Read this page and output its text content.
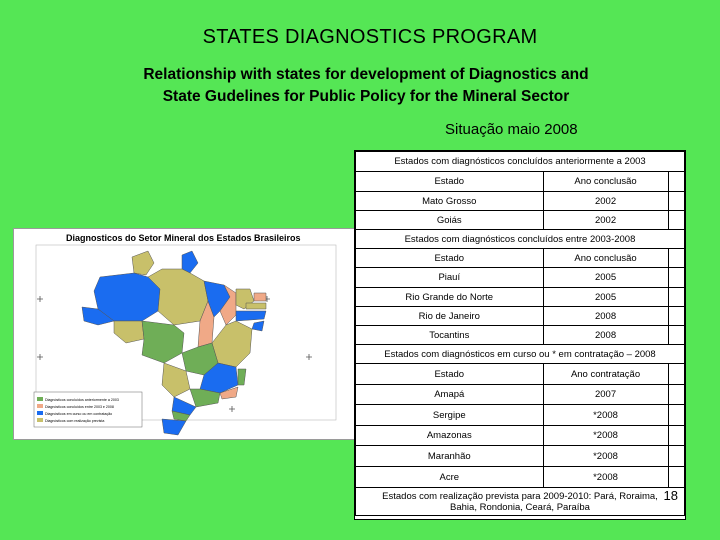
STATES DIAGNOSTICS PROGRAM
Relationship with states for development of Diagnostics and
State Gudelines for Public Policy for the Mineral Sector
Situação maio 2008
Diagnosticos do Setor Mineral dos Estados Brasileiros
Diagnósticos concluídos anteriormente a 2003
Diagnósticos concluídos entre 2003 e 2008
Diagnósticos em curso ou em contratação
Diagnósticos com realização prevista
Estados com diagnósticos concluídos anteriormente a 2003		
Estado	Ano conclusão	
Mato Grosso	2002	
Goiás	2002	
Estados com diagnósticos concluídos entre 2003-2008		
Estado	Ano conclusão	
Piauí	2005	
Rio Grande do Norte	2005	
Rio de Janeiro	2008	
Tocantins	2008	
Estados com diagnósticos em curso ou * em contratação – 2008		
Estado	Ano contratação	
Amapá	2007	
Sergipe	*2008	
Amazonas	*2008	
Maranhão	*2008	
Acre	*2008	

Estados com realização prevista para 2009-2010: Pará, Roraima,
Bahia, Rondonia, Ceará, Paraíba
18		
